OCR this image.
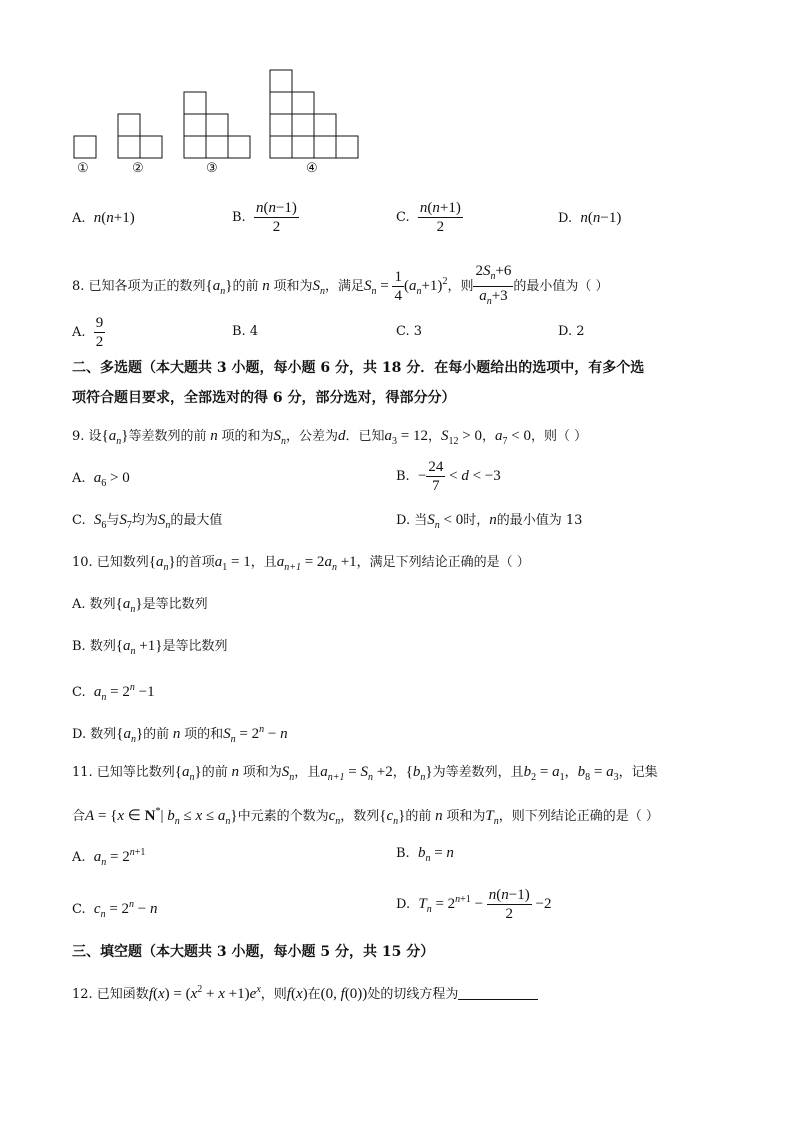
①	②	③	④
A. n(n+1)	B. $\frac{n(n-1)}{2}$	C. $\frac{n(n+1)}{2}$	D. n(n−1)
8. 已知各项为正的数列$\{a_n\}$的前 n 项和为$S_n$，满足$S_n = \frac{1}{4} (a_n+1)^2$，则 $\frac{2S_n+6}{a_n+3}$ 的最小值为（ ）
A. $\frac{9}{2}$	B. 4	C. 3	D. 2
二、多选题（本大题共 3 小题，每小题 6 分，共 18 分．在每小题给出的选项中，有多个选
项符合题目要求，全部选对的得 6 分，部分选对，得部分分）
9. 设$\{a_n\}$等差数列的前 n 项的和为$S_n$，公差为d．已知$a_3 = 12$，$S_{12} > 0$，$a_7 < 0$，则（ ）
A.  $a_6 > 0$	B.  − $\frac{24}{7} < d < -3$
C.  $S_6$与$S_7$均为$S_n$的最大值	D. 当$S_n < 0$时，n的最小值为 13
10. 已知数列$\{a_n\}$的首项$a_1 = 1$，且$a_{n+1} = 2a_n +1$，满足下列结论正确的是（ ）
A. 数列$\{a_n\}$是等比数列
B. 数列$\{a_n +1\}$是等比数列
C.  $a_n = 2^n -1$
D. 数列$\{a_n\}$的前 n 项的和$S_n = 2^n - n$
11. 已知等比数列$\{a_n\}$的前 n 项和为$S_n$，且$a_{n+1} = S_n +2$，$\{b_n\}$为等差数列，且$b_2 = a_1$，$b_8 = a_3$，记集
合A = {x ∈ N*| $b_n \le x \le a_n$}中元素的个数为$c_n$，数列$\{c_n\}$的前 n 项和为$T_n$，则下列结论正确的是（ ）
A.  $a_n = 2^{n+1}$	B.  $b_n = n$
C.  $c_n = 2^n - n$	D.  $T_n = 2^{n+1} - \frac{n(n-1)}{2} -2$
三、填空题（本大题共 3 小题，每小题 5 分，共 15 分）
12. 已知函数$f(x) = (x^2 + x +1)e^x$，则f(x)在(0, f(0))处的切线方程为
